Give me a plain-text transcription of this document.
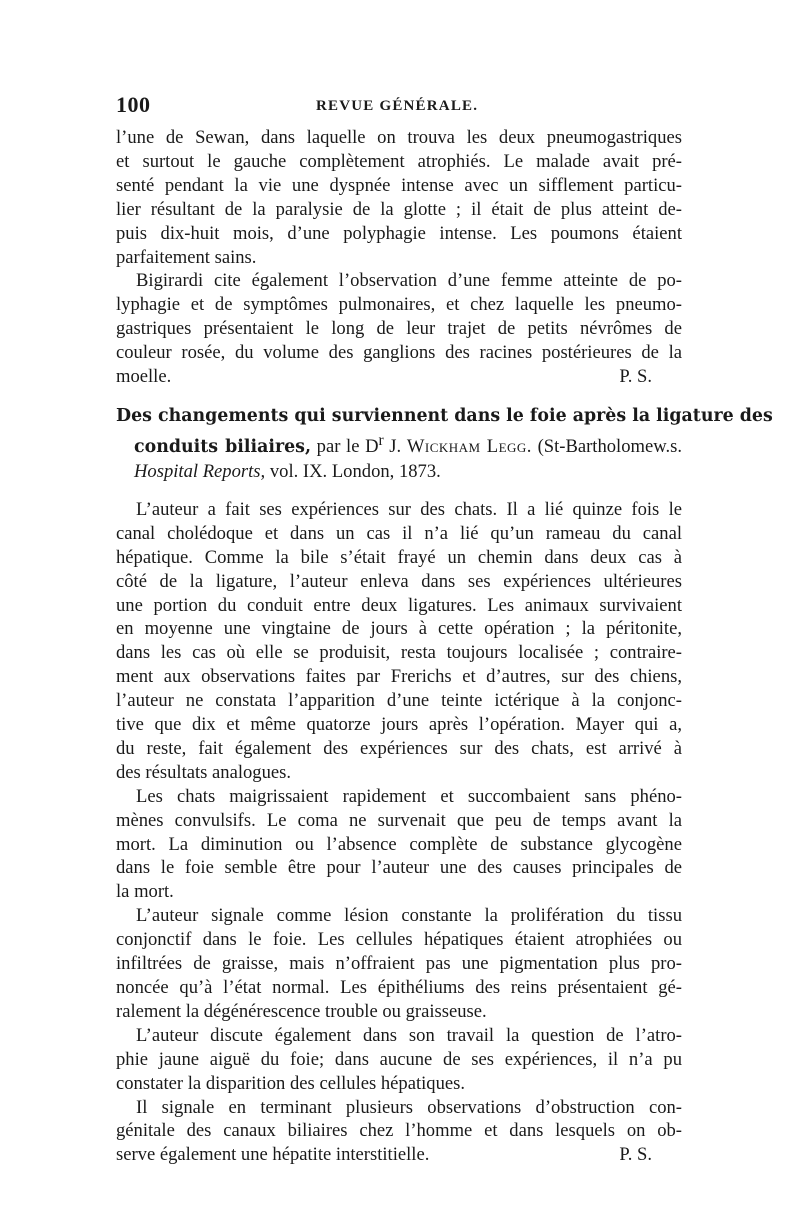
100	REVUE GÉNÉRALE.
l’une de Sewan, dans laquelle on trouva les deux pneumogastriques
et surtout le gauche complètement atrophiés. Le malade avait pré-
senté pendant la vie une dyspnée intense avec un sifflement particu-
lier résultant de la paralysie de la glotte ; il était de plus atteint de-
puis dix-huit mois, d’une polyphagie intense. Les poumons étaient
parfaitement sains.
Bigirardi cite également l’observation d’une femme atteinte de po-
lyphagie et de symptômes pulmonaires, et chez laquelle les pneumo-
gastriques présentaient le long de leur trajet de petits névrômes de
couleur rosée, du volume des ganglions des racines postérieures de la
moelle.	P. S.
Des changements qui surviennent dans le foie après la ligature des
conduits biliaires, par le $D^r$ J. Wickham Legg. (St-Bartholomew.s.
Hospital Reports, vol. IX. London, 1873.
L’auteur a fait ses expériences sur des chats. Il a lié quinze fois le
canal cholédoque et dans un cas il n’a lié qu’un rameau du canal
hépatique. Comme la bile s’était frayé un chemin dans deux cas à
côté de la ligature, l’auteur enleva dans ses expériences ultérieures
une portion du conduit entre deux ligatures. Les animaux survivaient
en moyenne une vingtaine de jours à cette opération ; la péritonite,
dans les cas où elle se produisit, resta toujours localisée ; contraire-
ment aux observations faites par Frerichs et d’autres, sur des chiens,
l’auteur ne constata l’apparition d’une teinte ictérique à la conjonc-
tive que dix et même quatorze jours après l’opération. Mayer qui a,
du reste, fait également des expériences sur des chats, est arrivé à
des résultats analogues.
Les chats maigrissaient rapidement et succombaient sans phéno-
mènes convulsifs. Le coma ne survenait que peu de temps avant la
mort. La diminution ou l’absence complète de substance glycogène
dans le foie semble être pour l’auteur une des causes principales de
la mort.
L’auteur signale comme lésion constante la prolifération du tissu
conjonctif dans le foie. Les cellules hépatiques étaient atrophiées ou
infiltrées de graisse, mais n’offraient pas une pigmentation plus pro-
noncée qu’à l’état normal. Les épithéliums des reins présentaient gé-
ralement la dégénérescence trouble ou graisseuse.
L’auteur discute également dans son travail la question de l’atro-
phie jaune aiguë du foie; dans aucune de ses expériences, il n’a pu
constater la disparition des cellules hépatiques.
Il signale en terminant plusieurs observations d’obstruction con-
génitale des canaux biliaires chez l’homme et dans lesquels on ob-
serve également une hépatite interstitielle.	P. S.
